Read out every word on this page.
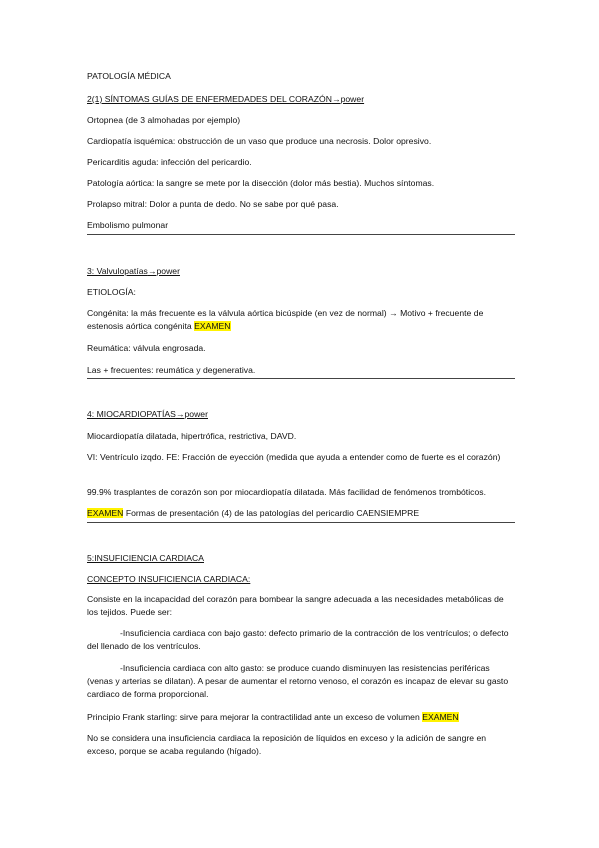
PATOLOGÍA MÉDICA
2(1) SÍNTOMAS GUÍAS DE ENFERMEDADES DEL CORAZÓN→power
Ortopnea (de 3 almohadas por ejemplo)
Cardiopatía isquémica: obstrucción de un vaso que produce una necrosis. Dolor opresivo.
Pericarditis aguda: infección del pericardio.
Patología aórtica: la sangre se mete por la disección (dolor más bestia). Muchos síntomas.
Prolapso mitral: Dolor a punta de dedo. No se sabe por qué pasa.
Embolismo pulmonar
3: Valvulopatías→power
ETIOLOGÍA:
Congénita: la más frecuente es la válvula aórtica bicúspide (en vez de normal) → Motivo + frecuente de estenosis aórtica congénita EXAMEN
Reumática: válvula engrosada.
Las + frecuentes: reumática y degenerativa.
4: MIOCARDIOPATÍAS→power
Miocardiopatía dilatada, hipertrófica, restrictiva, DAVD.
VI: Ventrículo izqdo. FE: Fracción de eyección (medida que ayuda a entender como de fuerte es el corazón)
99.9% trasplantes de corazón son por miocardiopatía dilatada. Más facilidad de fenómenos trombóticos.
EXAMEN Formas de presentación (4) de las patologías del pericardio CAENSIEMPRE
5:INSUFICIENCIA CARDIACA
CONCEPTO INSUFICIENCIA CARDIACA:
Consiste en la incapacidad del corazón para bombear la sangre adecuada a las necesidades metabólicas de los tejidos. Puede ser:
-Insuficiencia cardiaca con bajo gasto: defecto primario de la contracción de los ventrículos; o defecto del llenado de los ventrículos.
-Insuficiencia cardiaca con alto gasto: se produce cuando disminuyen las resistencias periféricas (venas y arterias se dilatan). A pesar de aumentar el retorno venoso, el corazón es incapaz de elevar su gasto cardiaco de forma proporcional.
Principio Frank starling: sirve para mejorar la contractilidad ante un exceso de volumen EXAMEN
No se considera una insuficiencia cardiaca la reposición de líquidos en exceso y la adición de sangre en exceso, porque se acaba regulando (hígado).
